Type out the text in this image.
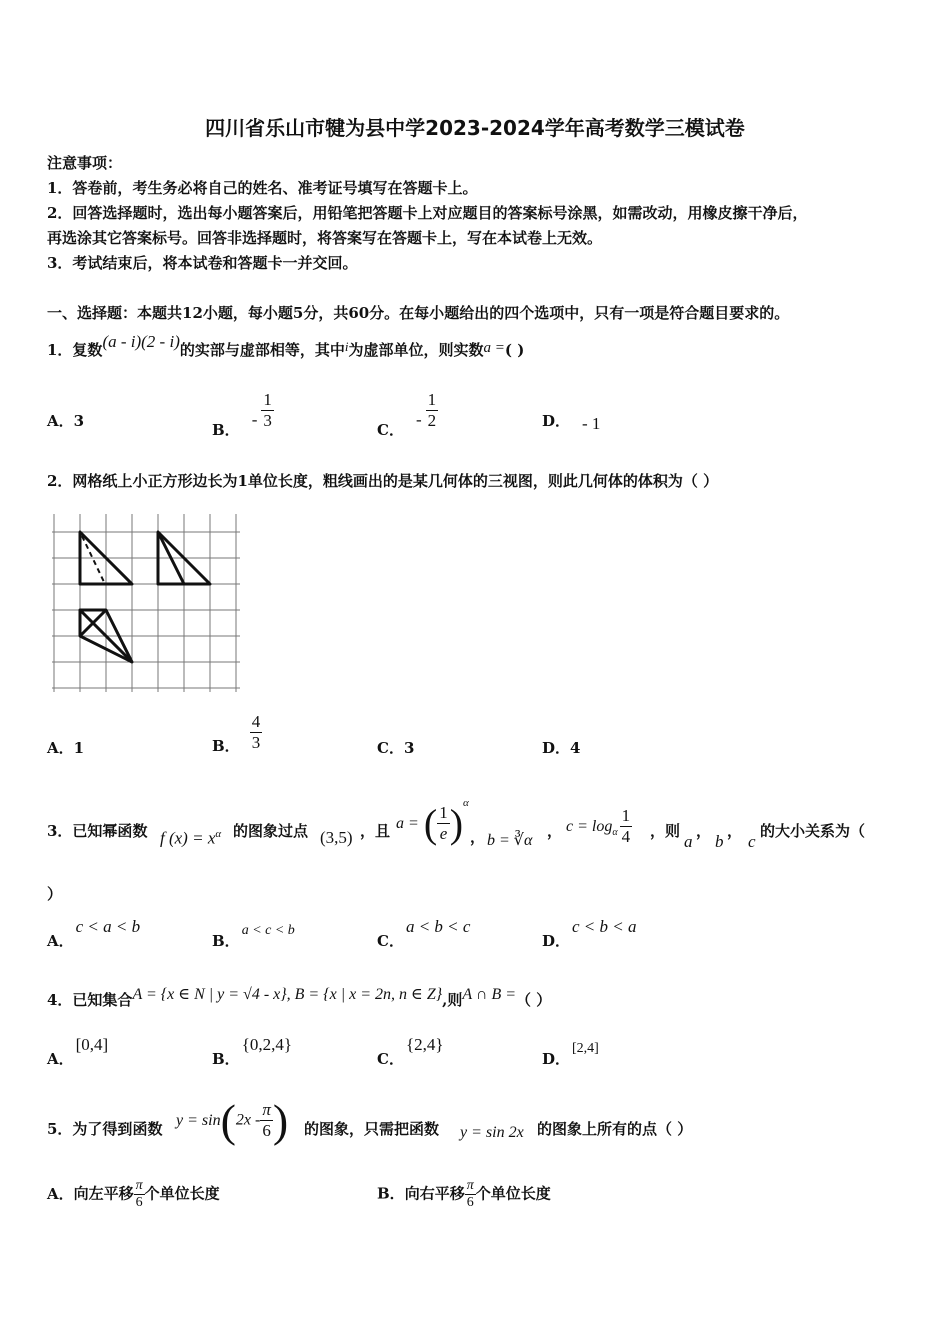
四川省乐山市犍为县中学2023-2024学年高考数学三模试卷
注意事项：
1．答卷前，考生务必将自己的姓名、准考证号填写在答题卡上。
2．回答选择题时，选出每小题答案后，用铅笔把答题卡上对应题目的答案标号涂黑，如需改动，用橡皮擦干净后，
再选涂其它答案标号。回答非选择题时，将答案写在答题卡上，写在本试卷上无效。
3．考试结束后，将本试卷和答题卡一并交回。
一、选择题：本题共12小题，每小题5分，共60分。在每小题给出的四个选项中，只有一项是符合题目要求的。
1．复数(a - i)(2 - i)的实部与虚部相等，其中i为虚部单位，则实数a =( )
A．3	B．- $\frac{1}{3}$	C．- $\frac{1}{2}$	D． - 1
2．网格纸上小正方形边长为1单位长度，粗线画出的是某几何体的三视图，则此几何体的体积为（ ）
A．1	B． $\frac{4}{3}$	C．3	D．4
3．已知幂函数 f $(x) = x^\alpha$ 的图象过点 (3,5) ，且 a = ( $\frac{1}{e} )^\alpha$
， b = ∛α
， $c = \log_\alpha \frac{1}{4}$ ，则
a
，
b
，
c
的大小关系为（
）
A．c < a < b
B．a < c < b
C．a < b < c
D．c < b < a
4．已知集合A = {x ∈ N | y = √4 - x}, B = {x | x = 2n, n ∈ Z},则A ∩ B =（ ）
A．[0,4]
B．{0,2,4}
C．{2,4}
D．[2,4]
5．为了得到函数 $y = \sin(2x - \frac{\pi}{6}$ ) 的图象，只需把函数 y = sin 2x 的图象上所有的点（ ）
A．向左平移 $\frac{\pi}{6}$ 个单位长度	B．向右平移 $\frac{\pi}{6}$ 个单位长度
